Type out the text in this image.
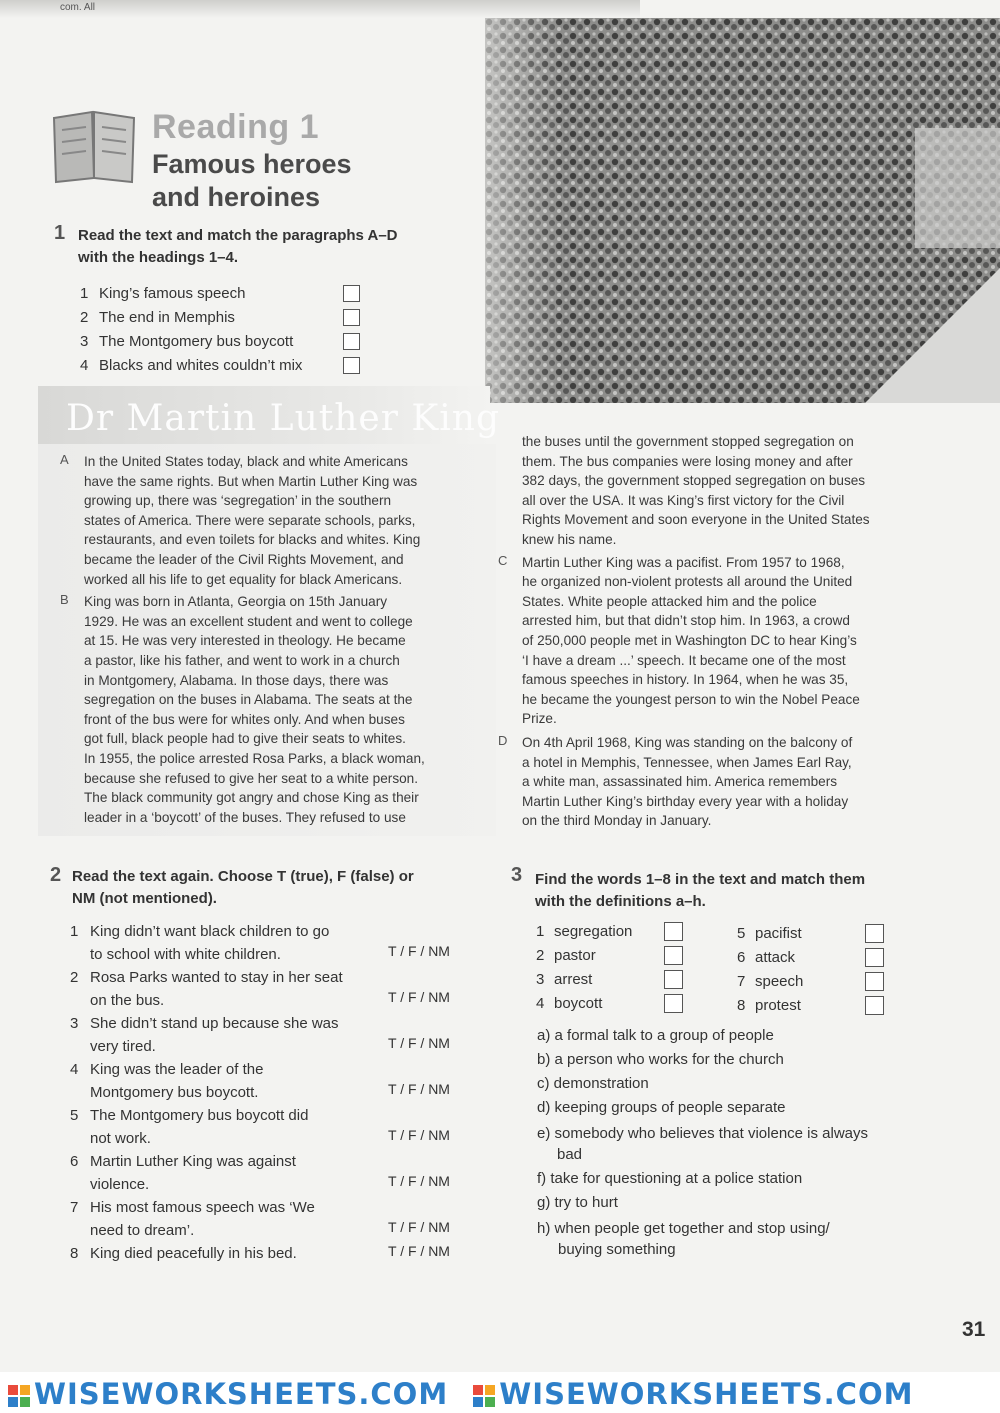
com. All
Reading 1
Famous heroes
and heroines
1 Read the text and match the paragraphs A–D
with the headings 1–4.
1 King’s famous speech
2 The end in Memphis
3 The Montgomery bus boycott
4 Blacks and whites couldn’t mix
Dr Martin Luther King
A In the United States today, black and white Americans
have the same rights. But when Martin Luther King was
growing up, there was ‘segregation’ in the southern
states of America. There were separate schools, parks,
restaurants, and even toilets for blacks and whites. King
became the leader of the Civil Rights Movement, and
worked all his life to get equality for black Americans.
B King was born in Atlanta, Georgia on 15th January
1929. He was an excellent student and went to college
at 15. He was very interested in theology. He became
a pastor, like his father, and went to work in a church
in Montgomery, Alabama. In those days, there was
segregation on the buses in Alabama. The seats at the
front of the bus were for whites only. And when buses
got full, black people had to give their seats to whites.
In 1955, the police arrested Rosa Parks, a black woman,
because she refused to give her seat to a white person.
The black community got angry and chose King as their
leader in a ‘boycott’ of the buses. They refused to use
the buses until the government stopped segregation on
them. The bus companies were losing money and after
382 days, the government stopped segregation on buses
all over the USA. It was King’s first victory for the Civil
Rights Movement and soon everyone in the United States
knew his name.
C Martin Luther King was a pacifist. From 1957 to 1968,
he organized non-violent protests all around the United
States. White people attacked him and the police
arrested him, but that didn’t stop him. In 1963, a crowd
of 250,000 people met in Washington DC to hear King’s
‘I have a dream ...’ speech. It became one of the most
famous speeches in history. In 1964, when he was 35,
he became the youngest person to win the Nobel Peace
Prize.
D On 4th April 1968, King was standing on the balcony of
a hotel in Memphis, Tennessee, when James Earl Ray,
a white man, assassinated him. America remembers
Martin Luther King’s birthday every year with a holiday
on the third Monday in January.
2 Read the text again. Choose T (true), F (false) or
NM (not mentioned).
1 King didn’t want black children to go
to school with white children.	T / F / NM
2 Rosa Parks wanted to stay in her seat
on the bus.	T / F / NM
3 She didn’t stand up because she was
very tired.	T / F / NM
4 King was the leader of the
Montgomery bus boycott.	T / F / NM
5 The Montgomery bus boycott did
not work.	T / F / NM
6 Martin Luther King was against
violence.	T / F / NM
7 His most famous speech was ‘We
need to dream’.	T / F / NM
8 King died peacefully in his bed.	T / F / NM
3 Find the words 1–8 in the text and match them
with the definitions a–h.
1 segregation
2 pastor
3 arrest
4 boycott
5 pacifist
6 attack
7 speech
8 protest
a) a formal talk to a group of people
b) a person who works for the church
c) demonstration
d) keeping groups of people separate
e) somebody who believes that violence is always
bad
f) take for questioning at a police station
g) try to hurt
h) when people get together and stop using/
buying something
31
WISEWORKSHEETS.COM WISEWORKSHEETS.COM
